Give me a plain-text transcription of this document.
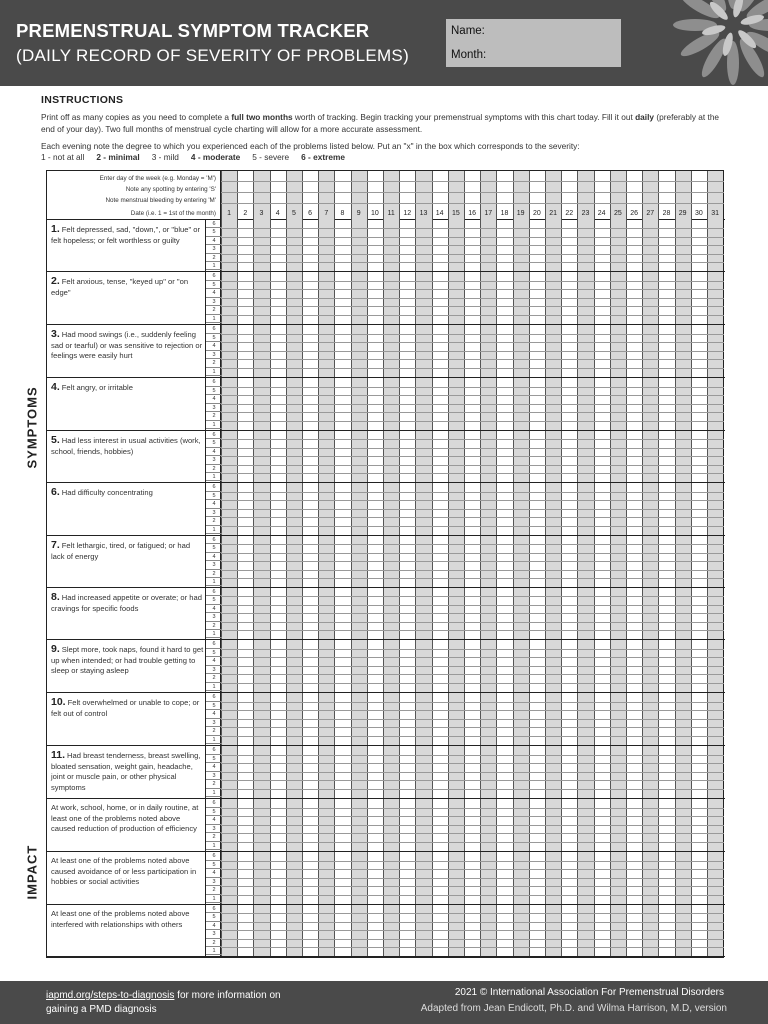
PREMENSTRUAL SYMPTOM TRACKER
(DAILY RECORD OF SEVERITY OF PROBLEMS)
Name:
Month:
INSTRUCTIONS
Print off as many copies as you need to complete a full two months worth of tracking. Begin tracking your premenstrual symptoms with this chart today. Fill it out daily (preferably at the end of your day). Two full months of menstrual cycle charting will allow for a more accurate assessment.
Each evening note the degree to which you experienced each of the problems listed below. Put an "x" in the box which corresponds to the severity:
1 - not at all 2 - minimal 3 - mild 4 - moderate 5 - severe 6 - extreme
SYMPTOMS
IMPACT
Enter day of the week (e.g. Monday = 'M')
Note any spotting by entering 'S'
Note menstrual bleeding by entering 'M'
Date (i.e. 1 = 1st of the month)	1	2	3	4	5	6	7	8	9	10	11	12	13	14	15	16	17	18	19	20	21	22	23	24	25	26	27	28	29	30	31
1. Felt depressed, sad, "down,", or "blue" or felt hopeless; or felt worthless or guilty
6
5
4
3
2
1
2. Felt anxious, tense, "keyed up" or "on edge"
6
5
4
3
2
1
3. Had mood swings (i.e., suddenly feeling sad or tearful) or was sensitive to rejection or feelings were easily hurt
6
5
4
3
2
1
4. Felt angry, or irritable
6
5
4
3
2
1
5. Had less interest in usual activities (work, school, friends, hobbies)
6
5
4
3
2
1
6. Had difficulty concentrating
6
5
4
3
2
1
7. Felt lethargic, tired, or fatigued; or had lack of energy
6
5
4
3
2
1
8. Had increased appetite or overate; or had cravings for specific foods
6
5
4
3
2
1
9. Slept more, took naps, found it hard to get up when intended; or had trouble getting to sleep or staying asleep
6
5
4
3
2
1
10. Felt overwhelmed or unable to cope; or felt out of control
6
5
4
3
2
1
11. Had breast tenderness, breast swelling, bloated sensation, weight gain, headache, joint or muscle pain, or other physical symptoms
6
5
4
3
2
1
At work, school, home, or in daily routine, at least one of the problems noted above caused reduction of production of efficiency
6
5
4
3
2
1
At least one of the problems noted above caused avoidance of or less participation in hobbies or social activities
6
5
4
3
2
1
At least one of the problems noted above interfered with relationships with others
6
5
4
3
2
1
iapmd.org/steps-to-diagnosis for more information on
gaining a PMD diagnosis
2021 © International Association For Premenstrual Disorders
Adapted from Jean Endicott, Ph.D. and Wilma Harrison, M.D, version
